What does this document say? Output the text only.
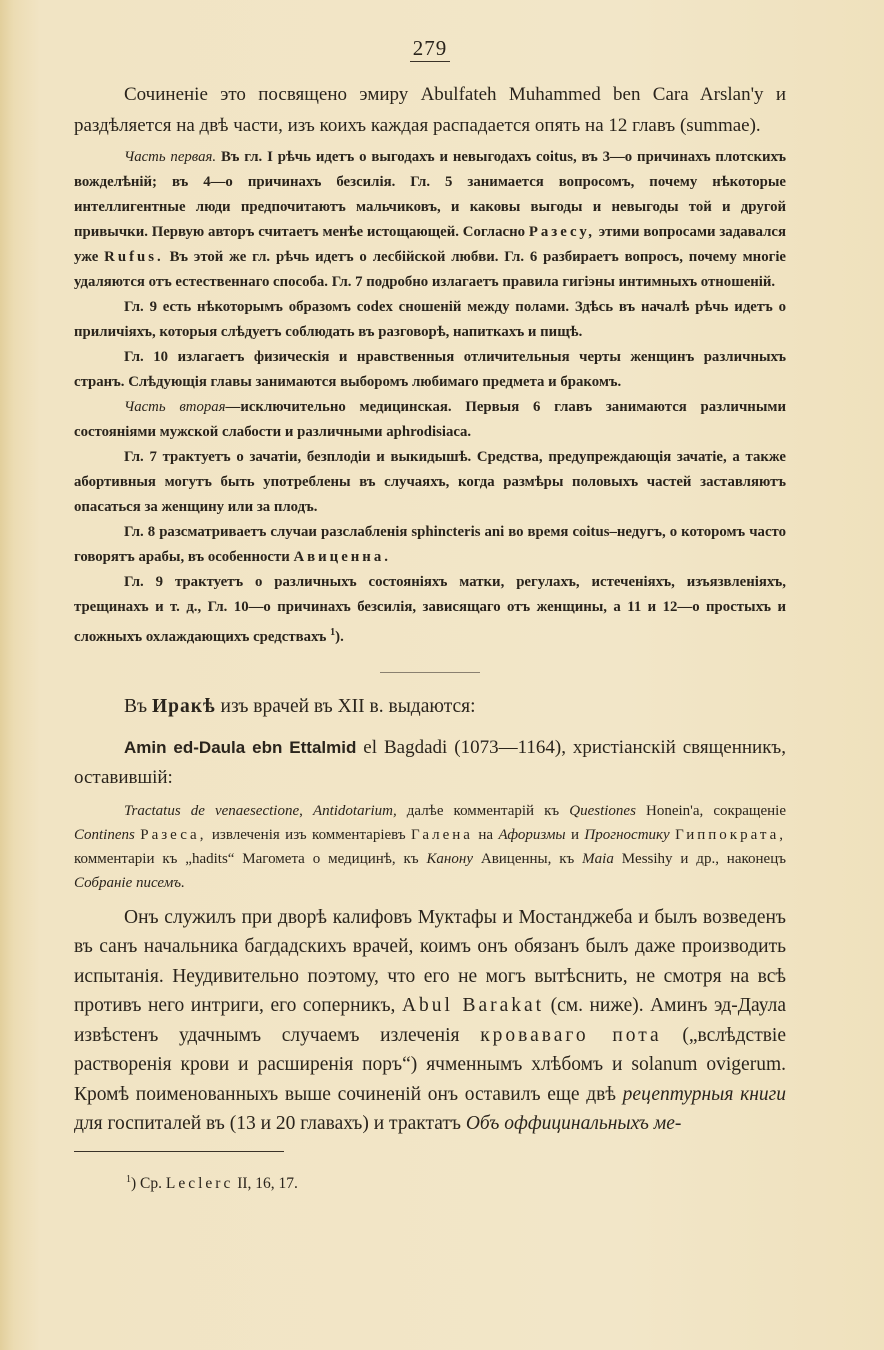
279

Сочиненіе это посвящено эмиру Abulfateh Muhammed ben Cara Arslan'у и раздѣляется на двѣ части, изъ коихъ каждая распадается опять на 12 главъ (summae).

Часть первая. Въ гл. I рѣчь идетъ о выгодахъ и невыгодахъ coitus, въ 3—о причинахъ плотскихъ вожделѣній; въ 4—о причинахъ безсилія. Гл. 5 занимается вопросомъ, почему нѣкоторые интеллигентные люди предпочитаютъ мальчиковъ, и каковы выгоды и невыгоды той и другой привычки. Первую авторъ считаетъ менѣе истощающей. Согласно Разесу, этими вопросами задавался уже Rufus. Въ этой же гл. рѣчь идетъ о лесбійской любви. Гл. 6 разбираетъ вопросъ, почему многіе удаляются отъ естественнаго способа. Гл. 7 подробно излагаетъ правила гигіэны интимныхъ отношеній.

Гл. 9 есть нѣкоторымъ образомъ codex сношеній между полами. Здѣсь въ началѣ рѣчь идетъ о приличіяхъ, которыя слѣдуетъ соблюдать въ разговорѣ, напиткахъ и пищѣ.

Гл. 10 излагаетъ физическія и нравственныя отличительныя черты женщинъ различныхъ странъ. Слѣдующія главы занимаются выборомъ любимаго предмета и бракомъ.

Часть вторая—исключительно медицинская. Первыя 6 главъ занимаются различными состояніями мужской слабости и различными aphrodisiaca.

Гл. 7 трактуетъ о зачатіи, безплодіи и выкидышѣ. Средства, предупреждающія зачатіе, а также абортивныя могутъ быть употреблены въ случаяхъ, когда размѣры половыхъ частей заставляютъ опасаться за женщину или за плодъ.

Гл. 8 разсматриваетъ случаи разслабленія sphincteris ani во время coitus–недугъ, о которомъ часто говорятъ арабы, въ особенности Авиценна.

Гл. 9 трактуетъ о различныхъ состояніяхъ матки, регулахъ, истеченіяхъ, изъязвленіяхъ, трещинахъ и т. д., Гл. 10—о причинахъ безсилія, зависящаго отъ женщины, а 11 и 12—о простыхъ и сложныхъ охлаждающихъ средствахъ $^1$).

Въ Иракѣ изъ врачей въ XII в. выдаются:

Amin ed-Daula ebn Ettalmid el Bagdadi (1073—1164), христіанскій священникъ, оставившій:

Tractatus de venaesectione, Antidotarium, далѣе комментарій къ Questiones Honein'a, сокращеніе Continens Разеса, извлеченія изъ комментаріевъ Галена на Афоризмы и Прогностику Гиппократа, комментаріи къ „hadits“ Магомета о медицинѣ, къ Канону Авиценны, къ Maia Messihy и др., наконецъ Собраніе писемъ.

Онъ служилъ при дворѣ калифовъ Муктафы и Мостанджеба и былъ возведенъ въ санъ начальника багдадскихъ врачей, коимъ онъ обязанъ былъ даже производить испытанія. Неудивительно поэтому, что его не могъ вытѣснить, не смотря на всѣ противъ него интриги, его соперникъ, Abul Barakat (см. ниже). Аминъ эд-Даула извѣстенъ удачнымъ случаемъ излеченія кроваваго пота („вслѣдствіе растворенія крови и расширенія поръ“) ячменнымъ хлѣбомъ и solanum ovigerum. Кромѣ поименованныхъ выше сочиненій онъ оставилъ еще двѣ рецептурныя книги для госпиталей въ (13 и 20 главахъ) и трактатъ Объ оффицинальныхъ ме-

$^1$) Ср. Leclerc II, 16, 17.
